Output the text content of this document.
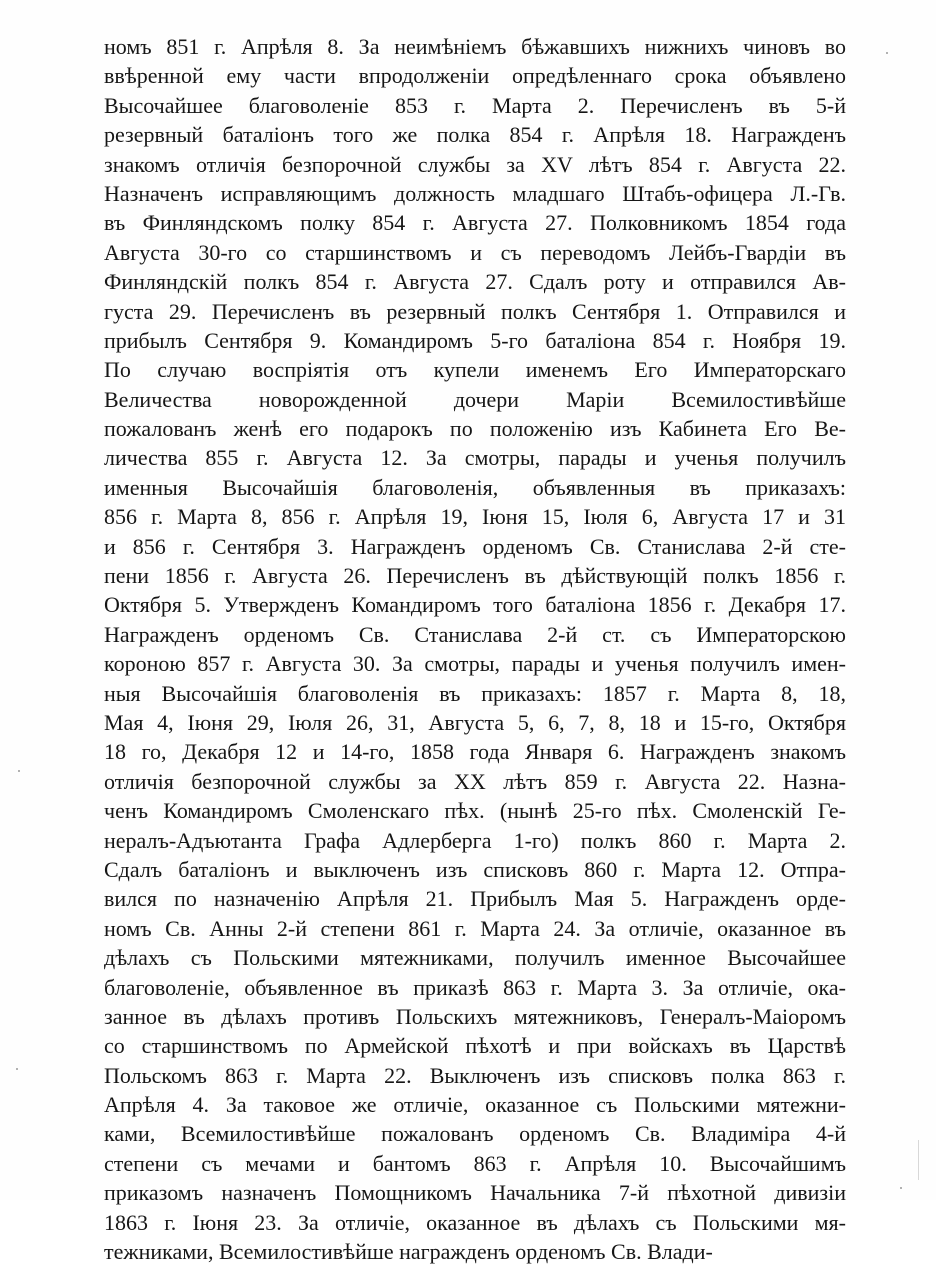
номъ 851 г. Апрѣля 8. За неимѣніемъ бѣжавшихъ нижнихъ чиновъ во
ввѣренной ему части впродолженіи опредѣленнаго срока объявлено
Высочайшее благоволеніе 853 г. Марта 2. Перечисленъ въ 5-й
резервный баталіонъ того же полка 854 г. Апрѣля 18. Награжденъ
знакомъ отличія безпорочной службы за XV лѣтъ 854 г. Августа 22.
Назначенъ исправляющимъ должность младшаго Штабъ-офицера Л.-Гв.
въ Финляндскомъ полку 854 г. Августа 27. Полковникомъ 1854 года
Августа 30-го со старшинствомъ и съ переводомъ Лейбъ-Гвардіи въ
Финляндскій полкъ 854 г. Августа 27. Сдалъ роту и отправился Ав-
густа 29. Перечисленъ въ резервный полкъ Сентября 1. Отправился и
прибылъ Сентября 9. Командиромъ 5-го баталіона 854 г. Ноября 19.
По случаю воспріятія отъ купели именемъ Его Императорскаго
Величества новорожденной дочери Маріи Всемилостивѣйше
пожалованъ женѣ его подарокъ по положенію изъ Кабинета Его Ве-
личества 855 г. Августа 12. За смотры, парады и ученья получилъ
именныя Высочайшія благоволенія, объявленныя въ приказахъ:
856 г. Марта 8, 856 г. Апрѣля 19, Іюня 15, Іюля 6, Августа 17 и 31
и 856 г. Сентября 3. Награжденъ орденомъ Св. Станислава 2-й сте-
пени 1856 г. Августа 26. Перечисленъ въ дѣйствующій полкъ 1856 г.
Октября 5. Утвержденъ Командиромъ того баталіона 1856 г. Декабря 17.
Награжденъ орденомъ Св. Станислава 2-й ст. съ Императорскою
короною 857 г. Августа 30. За смотры, парады и ученья получилъ имен-
ныя Высочайшія благоволенія въ приказахъ: 1857 г. Марта 8, 18,
Мая 4, Іюня 29, Іюля 26, 31, Августа 5, 6, 7, 8, 18 и 15-го, Октября
18 го, Декабря 12 и 14-го, 1858 года Января 6. Награжденъ знакомъ
отличія безпорочной службы за XX лѣтъ 859 г. Августа 22. Назна-
ченъ Командиромъ Смоленскаго пѣх. (нынѣ 25-го пѣх. Смоленскій Ге-
нералъ-Адъютанта Графа Адлерберга 1-го) полкъ 860 г. Марта 2.
Сдалъ баталіонъ и выключенъ изъ списковъ 860 г. Марта 12. Отпра-
вился по назначенію Апрѣля 21. Прибылъ Мая 5. Награжденъ орде-
номъ Св. Анны 2-й степени 861 г. Марта 24. За отличіе, оказанное въ
дѣлахъ съ Польскими мятежниками, получилъ именное Высочайшее
благоволеніе, объявленное въ приказѣ 863 г. Марта 3. За отличіе, ока-
занное въ дѣлахъ противъ Польскихъ мятежниковъ, Генералъ-Маіоромъ
со старшинствомъ по Армейской пѣхотѣ и при войскахъ въ Царствѣ
Польскомъ 863 г. Марта 22. Выключенъ изъ списковъ полка 863 г.
Апрѣля 4. За таковое же отличіе, оказанное съ Польскими мятежни-
ками, Всемилостивѣйше пожалованъ орденомъ Св. Владиміра 4-й
степени съ мечами и бантомъ 863 г. Апрѣля 10. Высочайшимъ
приказомъ назначенъ Помощникомъ Начальника 7-й пѣхотной дивизіи
1863 г. Іюня 23. За отличіе, оказанное въ дѣлахъ съ Польскими мя-
тежниками, Всемилостивѣйше награжденъ орденомъ Св. Влади-
